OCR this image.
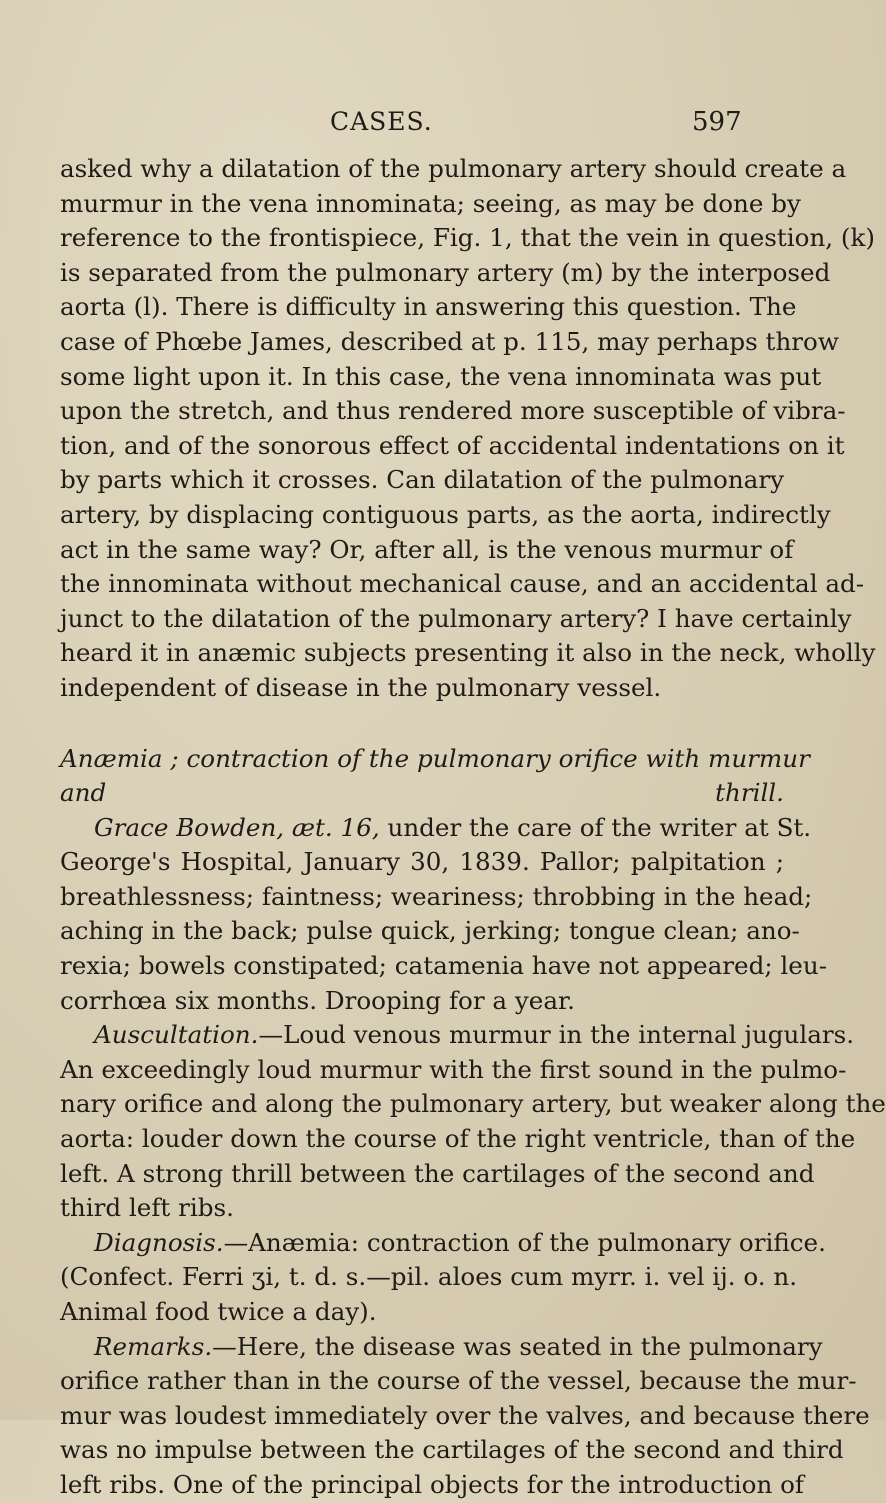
CASES.	597
asked why a dilatation of the pulmonary artery should create a
murmur in the vena innominata; seeing, as may be done by
reference to the frontispiece, Fig. 1, that the vein in question, (k)
is separated from the pulmonary artery (m) by the interposed
aorta (l). There is difficulty in answering this question. The
case of Phœbe James, described at p. 115, may perhaps throw
some light upon it. In this case, the vena innominata was put
upon the stretch, and thus rendered more susceptible of vibra-
tion, and of the sonorous effect of accidental indentations on it
by parts which it crosses. Can dilatation of the pulmonary
artery, by displacing contiguous parts, as the aorta, indirectly
act in the same way? Or, after all, is the venous murmur of
the innominata without mechanical cause, and an accidental ad-
junct to the dilatation of the pulmonary artery? I have certainly
heard it in anæmic subjects presenting it also in the neck, wholly
independent of disease in the pulmonary vessel.
Anæmia ; contraction of the pulmonary orifice with murmur
and thrill.
Grace Bowden, æt. 16, under the care of the writer at St.
George's Hospital, January 30, 1839. Pallor; palpitation ;
breathlessness; faintness; weariness; throbbing in the head;
aching in the back; pulse quick, jerking; tongue clean; ano-
rexia; bowels constipated; catamenia have not appeared; leu-
corrhœa six months. Drooping for a year.
Auscultation.—Loud venous murmur in the internal jugulars.
An exceedingly loud murmur with the first sound in the pulmo-
nary orifice and along the pulmonary artery, but weaker along the
aorta: louder down the course of the right ventricle, than of the
left. A strong thrill between the cartilages of the second and
third left ribs.
Diagnosis.—Anæmia: contraction of the pulmonary orifice.
(Confect. Ferri ʒi, t. d. s.—pil. aloes cum myrr. i. vel ij. o. n.
Animal food twice a day).
Remarks.—Here, the disease was seated in the pulmonary
orifice rather than in the course of the vessel, because the mur-
mur was loudest immediately over the valves, and because there
was no impulse between the cartilages of the second and third
left ribs. One of the principal objects for the introduction of
